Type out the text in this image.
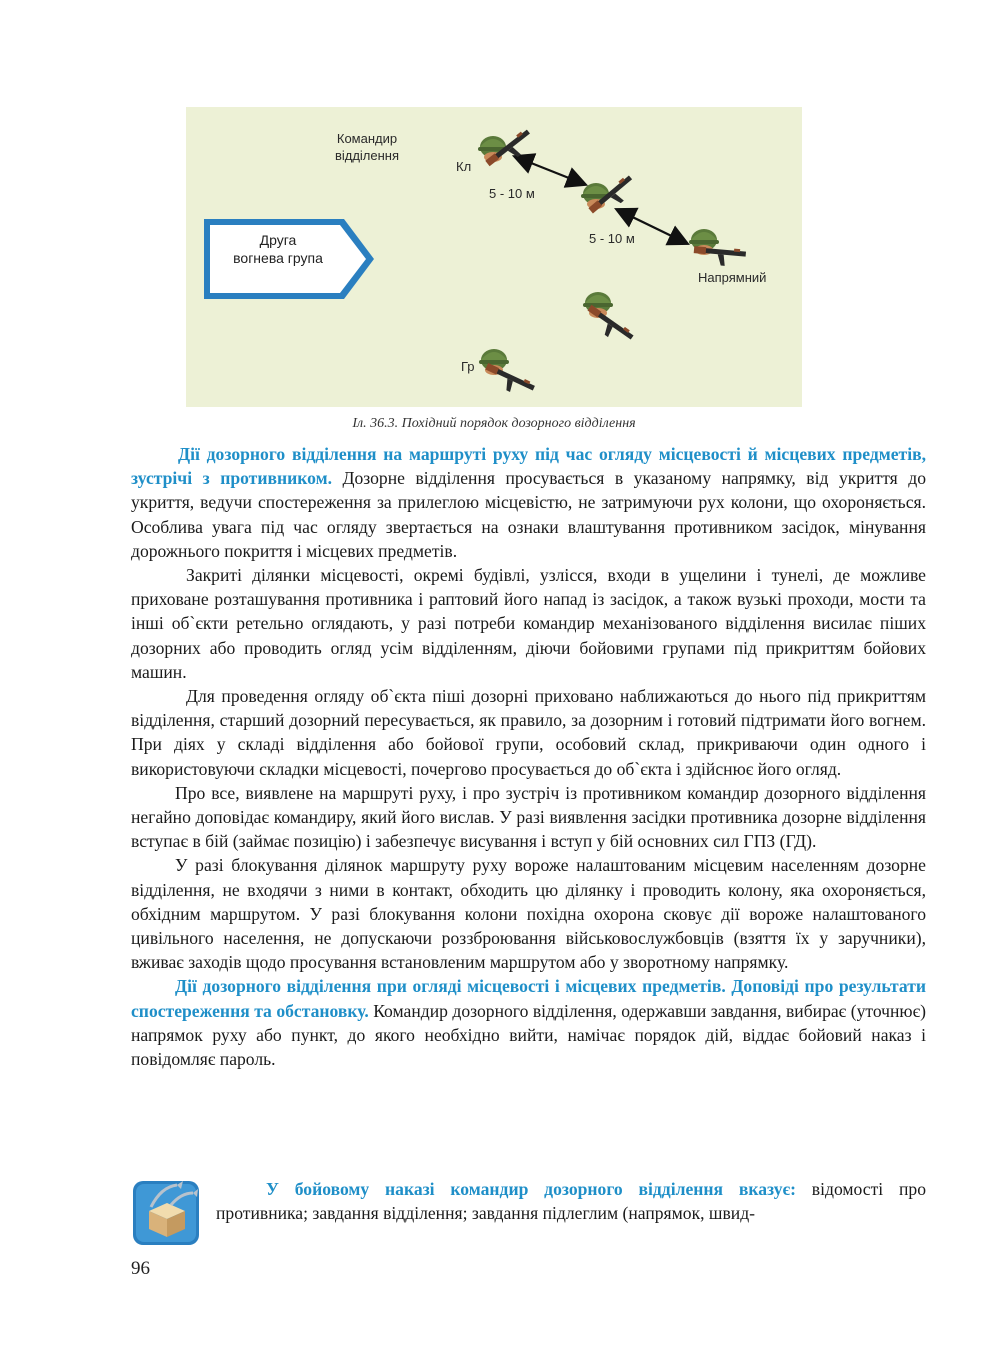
Командир
відділення
Кл
5 - 10 м
5 - 10 м
Напрямний
Гр
Друга
вогнева група
Іл. 36.3. Похідний порядок дозорного відділення

Дії дозорного відділення на маршруті руху під час огляду місцевості й місцевих предметів, зустрічі з противником. Дозорне відділення просувається в указаному напрямку, від укриття до укриття, ведучи спостереження за прилеглою місцевістю, не затримуючи рух колони, що охороняється. Особлива увага під час огляду звертається на ознаки влаштування противником засідок, мінування дорожнього покриття і місцевих предметів.

Закриті ділянки місцевості, окремі будівлі, узлісся, входи в ущелини і тунелі, де можливе приховане розташування противника і раптовий його напад із засідок, а також вузькі проходи, мости та інші об`єкти ретельно оглядають, у разі потреби командир механізованого відділення висилає піших дозорних або проводить огляд усім відділенням, діючи бойовими групами під прикриттям бойових машин.

Для проведення огляду об`єкта піші дозорні приховано наближаються до нього під прикриттям відділення, старший дозорний пересувається, як правило, за дозорним і готовий підтримати його вогнем. При діях у складі відділення або бойової групи, особовий склад, прикриваючи один одного і використовуючи складки місцевості, почергово просувається до об`єкта і здійснює його огляд.

Про все, виявлене на маршруті руху, і про зустріч із противником командир дозорного відділення негайно доповідає командиру, який його вислав. У разі виявлення засідки противника дозорне відділення вступає в бій (займає позицію) і забезпечує висування і вступ у бій основних сил ГПЗ (ГД).

У разі блокування ділянок маршруту руху вороже налаштованим місцевим населенням дозорне відділення, не входячи з ними в контакт, обходить цю ділянку і проводить колону, яка охороняється, обхідним маршрутом. У разі блокування колони похідна охорона сковує дії вороже налаштованого цивільного населення, не допускаючи роззброювання військовослужбовців (взяття їх у заручники), вживає заходів щодо просування встановленим маршрутом або у зворотному напрямку.

Дії дозорного відділення при огляді місцевості і місцевих предметів. Доповіді про результати спостереження та обстановку. Командир дозорного відділення, одержавши завдання, вибирає (уточнює) напрямок руху або пункт, до якого необхідно вийти, намічає порядок дій, віддає бойовий наказ і повідомляє пароль.

У бойовому наказі командир дозорного відділення вказує: відомості про противника; завдання відділення; завдання підлеглим (напрямок, швид-
96
